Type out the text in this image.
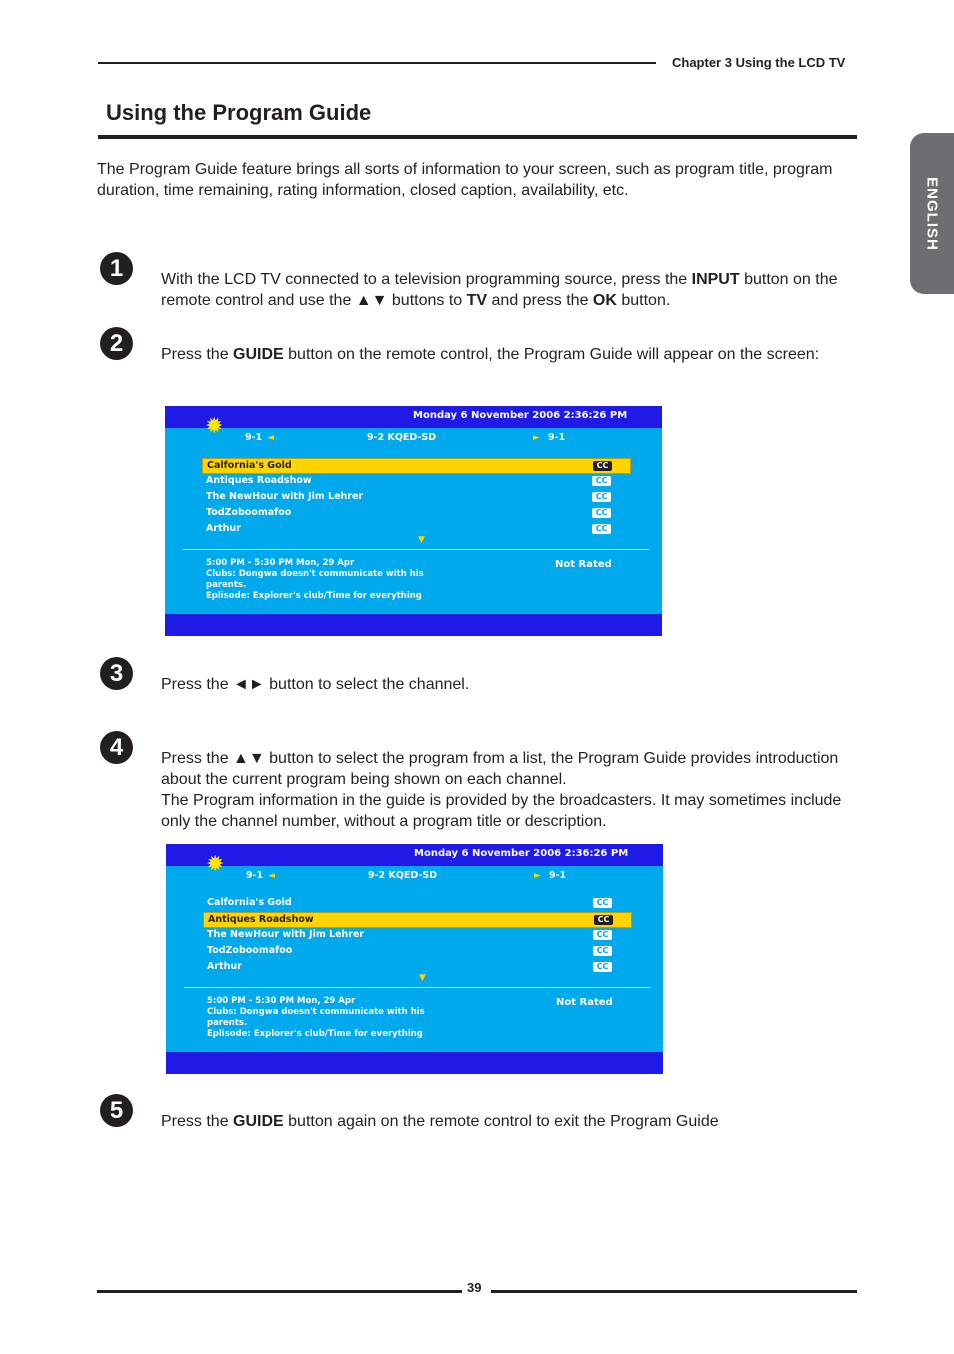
Chapter 3 Using the LCD TV
Using the Program Guide
ENGLISH
The Program Guide feature brings all sorts of information to your screen, such as program title, program duration, time remaining, rating information, closed caption, availability, etc.
1	With the LCD TV connected to a television programming source, press the INPUT button on the remote control and use the ▲▼ buttons to TV and press the OK button.
2	Press the GUIDE button on the remote control, the Program Guide will appear on the screen:
Monday 6 November 2006 2:36:26 PM
✹ 9-1 ◄	9-2 KQED-SD	► 9-1
Calfornia's Gold	CC
Antiques Roadshow	CC
The NewHour with Jim Lehrer	CC
TodZoboomafoo	CC
Arthur	CC
▼
5:00 PM - 5:30 PM Mon, 29 Apr
Clubs: Dongwa doesn't communicate with his
parents.
Eplisode: Explorer's club/Time for everything
Not Rated
3	Press the ◄► button to select the channel.
4	Press the ▲▼ button to select the program from a list, the Program Guide provides introduction about the current program being shown on each channel.

The Program information in the guide is provided by the broadcasters. It may sometimes include only the channel number, without a program title or description.

Monday 6 November 2006 2:36:26 PM
✹ 9-1 ◄	9-2 KQED-SD	► 9-1
Calfornia's Gold	CC
Antiques Roadshow	CC
The NewHour with Jim Lehrer	CC
TodZoboomafoo	CC
Arthur	CC
▼
5:00 PM - 5:30 PM Mon, 29 Apr
Clubs: Dongwa doesn't communicate with his
parents.
Eplisode: Explorer's club/Time for everything
Not Rated
5	Press the GUIDE button again on the remote control to exit the Program Guide
39
